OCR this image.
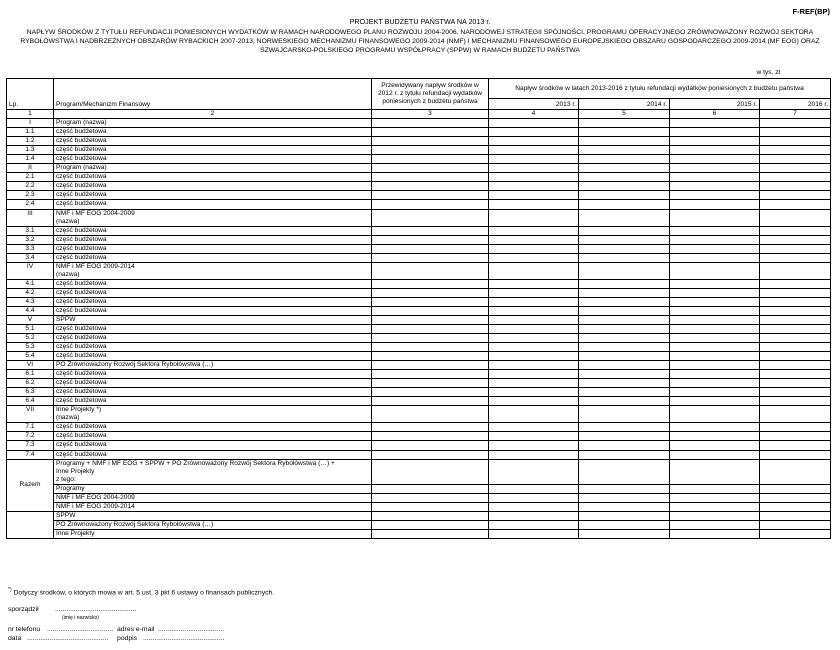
F-REF(BP)
PROJEKT BUDŻETU PAŃSTWA NA 2013 r.
NAPŁYW ŚRODKÓW Z TYTUŁU REFUNDACJI PONIESIONYCH WYDATKÓW W RAMACH NARODOWEGO PLANU ROZWOJU 2004-2006, NARODOWEJ STRATEGII SPÓJNOŚCI, PROGRAMU OPERACYJNEGO ZRÓWNOWAŻONY ROZWÓJ SEKTORA RYBOŁÓWSTWA I NADBRZEŻNYCH OBSZARÓW RYBACKICH 2007-2013, NORWESKIEGO MECHANIZMU FINANSOWEGO 2009-2014 (NMF) I MECHANIZMU FINANSOWEGO EUROPEJSKIEGO OBSZARU GOSPODARCZEGO 2009-2014 (MF EOG) ORAZ SZWAJCARSKO-POLSKIEGO PROGRAMU WSPÓŁPRACY (SPPW) W RAMACH BUDŻETU PAŃSTWA
w tys. zł
Lp.	Program/Mechanizm Finansowy	Przewidywany napływ środków w 2012 r. z tytułu refundacji wydatków poniesionych z budżetu państwa	Napływ środków w latach 2013-2016 z tytułu refundacji wydatków poniesionych z budżetu państwa			
			2013 r.	2014 r.	2015 r.	2016 r.
1	2	3	4	5	6	7
I	Program (nazwa)					
1.1	część budżetowa					
1.2	część budżetowa					
1.3	część budżetowa					
1.4	część budżetowa					
II	Program (nazwa)					
2.1	część budżetowa					
2.2	część budżetowa					
2.3	część budżetowa					
2.4	część budżetowa					
III	NMF i MF EOG 2004-2009
(nazwa)					

3.1	część budżetowa					
3.2	część budżetowa					
3.3	część budżetowa					
3.4	część budżetowa					
IV	NMF i MF EOG 2009-2014
(nazwa)					

4.1	część budżetowa					
4.2	część budżetowa					
4.3	część budżetowa					
4.4	część budżetowa					
V	SPPW					
5.1	część budżetowa					
5.2	część budżetowa					
5.3	część budżetowa					
5.4	część budżetowa					
VI	PO Zrównoważony Rozwój Sektora Rybołówstwa (…)					
6.1	część budżetowa					
6.2	część budżetowa					
6.3	część budżetowa					
6.4	część budżetowa					
VII	Inne Projekty *)
(nazwa)					

7.1	część budżetowa					
7.2	część budżetowa					
7.3	część budżetowa					
7.4	część budżetowa					
Razem	Programy + NMF i MF EOG + SPPW + PO Zrównoważony Rozwój Sektora Rybołówstwa (…) +
Inne Projekty
z tego:					

	Programy					
	NMF i MF EOG 2004-2009					
	NMF i MF EOG 2009-2014					
	SPPW					
	PO Zrównoważony Rozwój Sektora Rybołówstwa (…)					
	Inne Projekty					
*) Dotyczy środków, o których mowa w art. 5 ust. 3 pkt 6 ustawy o finansach publicznych.
sporządził ...........................................
(imię i nazwisko)
nr telefonu ................................... adres e-mail ...................................
data ........................................... podpis ...........................................
